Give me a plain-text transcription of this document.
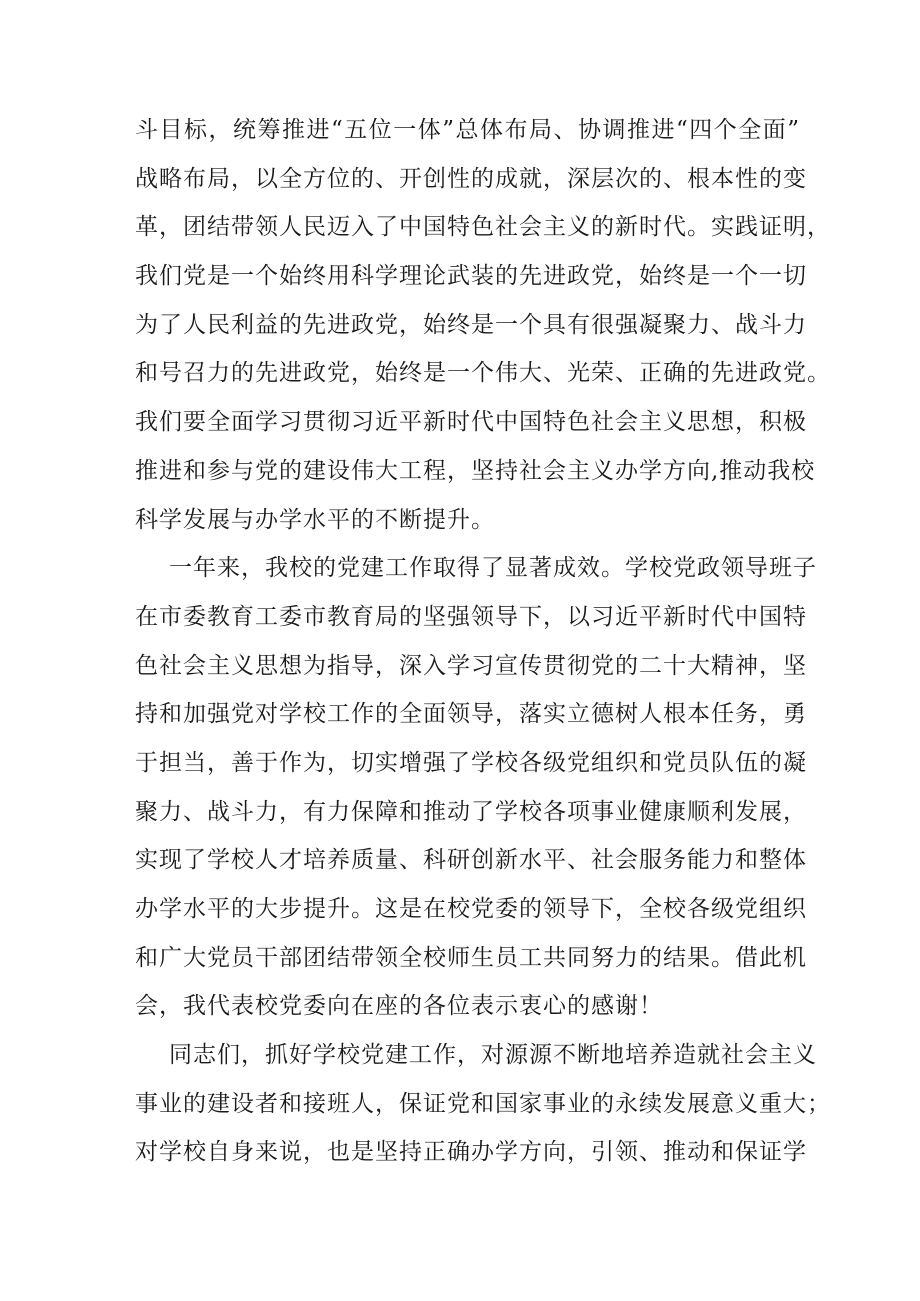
斗目标，统筹推进“五位一体”总体布局、协调推进“四个全面”
战略布局，以全方位的、开创性的成就，深层次的、根本性的变
革，团结带领人民迈入了中国特色社会主义的新时代。实践证明，
我们党是一个始终用科学理论武装的先进政党，始终是一个一切
为了人民利益的先进政党，始终是一个具有很强凝聚力、战斗力
和号召力的先进政党，始终是一个伟大、光荣、正确的先进政党。
我们要全面学习贯彻习近平新时代中国特色社会主义思想，积极
推进和参与党的建设伟大工程，坚持社会主义办学方向,推动我校
科学发展与办学水平的不断提升。
一年来，我校的党建工作取得了显著成效。学校党政领导班子
在市委教育工委市教育局的坚强领导下，以习近平新时代中国特
色社会主义思想为指导，深入学习宣传贯彻党的二十大精神，坚
持和加强党对学校工作的全面领导，落实立德树人根本任务，勇
于担当，善于作为，切实增强了学校各级党组织和党员队伍的凝
聚力、战斗力，有力保障和推动了学校各项事业健康顺利发展，
实现了学校人才培养质量、科研创新水平、社会服务能力和整体
办学水平的大步提升。这是在校党委的领导下，全校各级党组织
和广大党员干部团结带领全校师生员工共同努力的结果。借此机
会，我代表校党委向在座的各位表示衷心的感谢！
同志们，抓好学校党建工作，对源源不断地培养造就社会主义
事业的建设者和接班人，保证党和国家事业的永续发展意义重大；
对学校自身来说，也是坚持正确办学方向，引领、推动和保证学
